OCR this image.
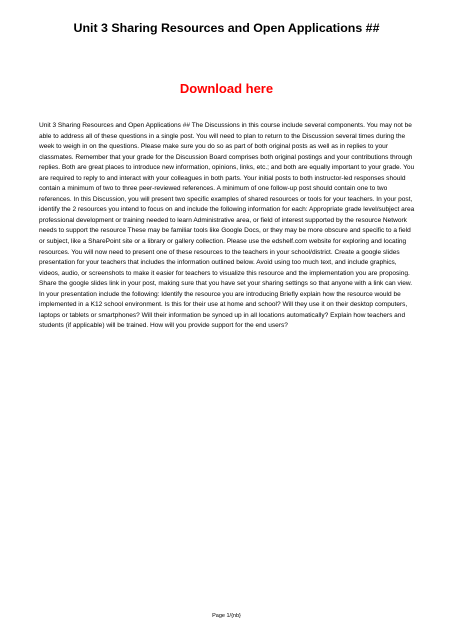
Unit 3 Sharing Resources and Open Applications ##
Download here

Unit 3 Sharing Resources and Open Applications ## The Discussions in this course include several components. You may not be able to address all of these questions in a single post. You will need to plan to return to the Discussion several times during the week to weigh in on the questions. Please make sure you do so as part of both original posts as well as in replies to your classmates. Remember that your grade for the Discussion Board comprises both original postings and your contributions through replies. Both are great places to introduce new information, opinions, links, etc.; and both are equally important to your grade. You are required to reply to and interact with your colleagues in both parts. Your initial posts to both instructor-led responses should contain a minimum of two to three peer-reviewed references. A minimum of one follow-up post should contain one to two references. In this Discussion, you will present two specific examples of shared resources or tools for your teachers. In your post, identify the 2 resources you intend to focus on and include the following information for each: Appropriate grade level/subject area professional development or training needed to learn Administrative area, or field of interest supported by the resource Network needs to support the resource These may be familiar tools like Google Docs, or they may be more obscure and specific to a field or subject, like a SharePoint site or a library or gallery collection. Please use the edshelf.com website for exploring and locating resources. You will now need to present one of these resources to the teachers in your school/district. Create a google slides presentation for your teachers that includes the information outlined below. Avoid using too much text, and include graphics, videos, audio, or screenshots to make it easier for teachers to visualize this resource and the implementation you are proposing. Share the google slides link in your post, making sure that you have set your sharing settings so that anyone with a link can view. In your presentation include the following: Identify the resource you are introducing Briefly explain how the resource would be implemented in a K12 school environment. Is this for their use at home and school? Will they use it on their desktop computers, laptops or tablets or smartphones? Will their information be synced up in all locations automatically? Explain how teachers and students (if applicable) will be trained. How will you provide support for the end users?

Page 1/{nb}
